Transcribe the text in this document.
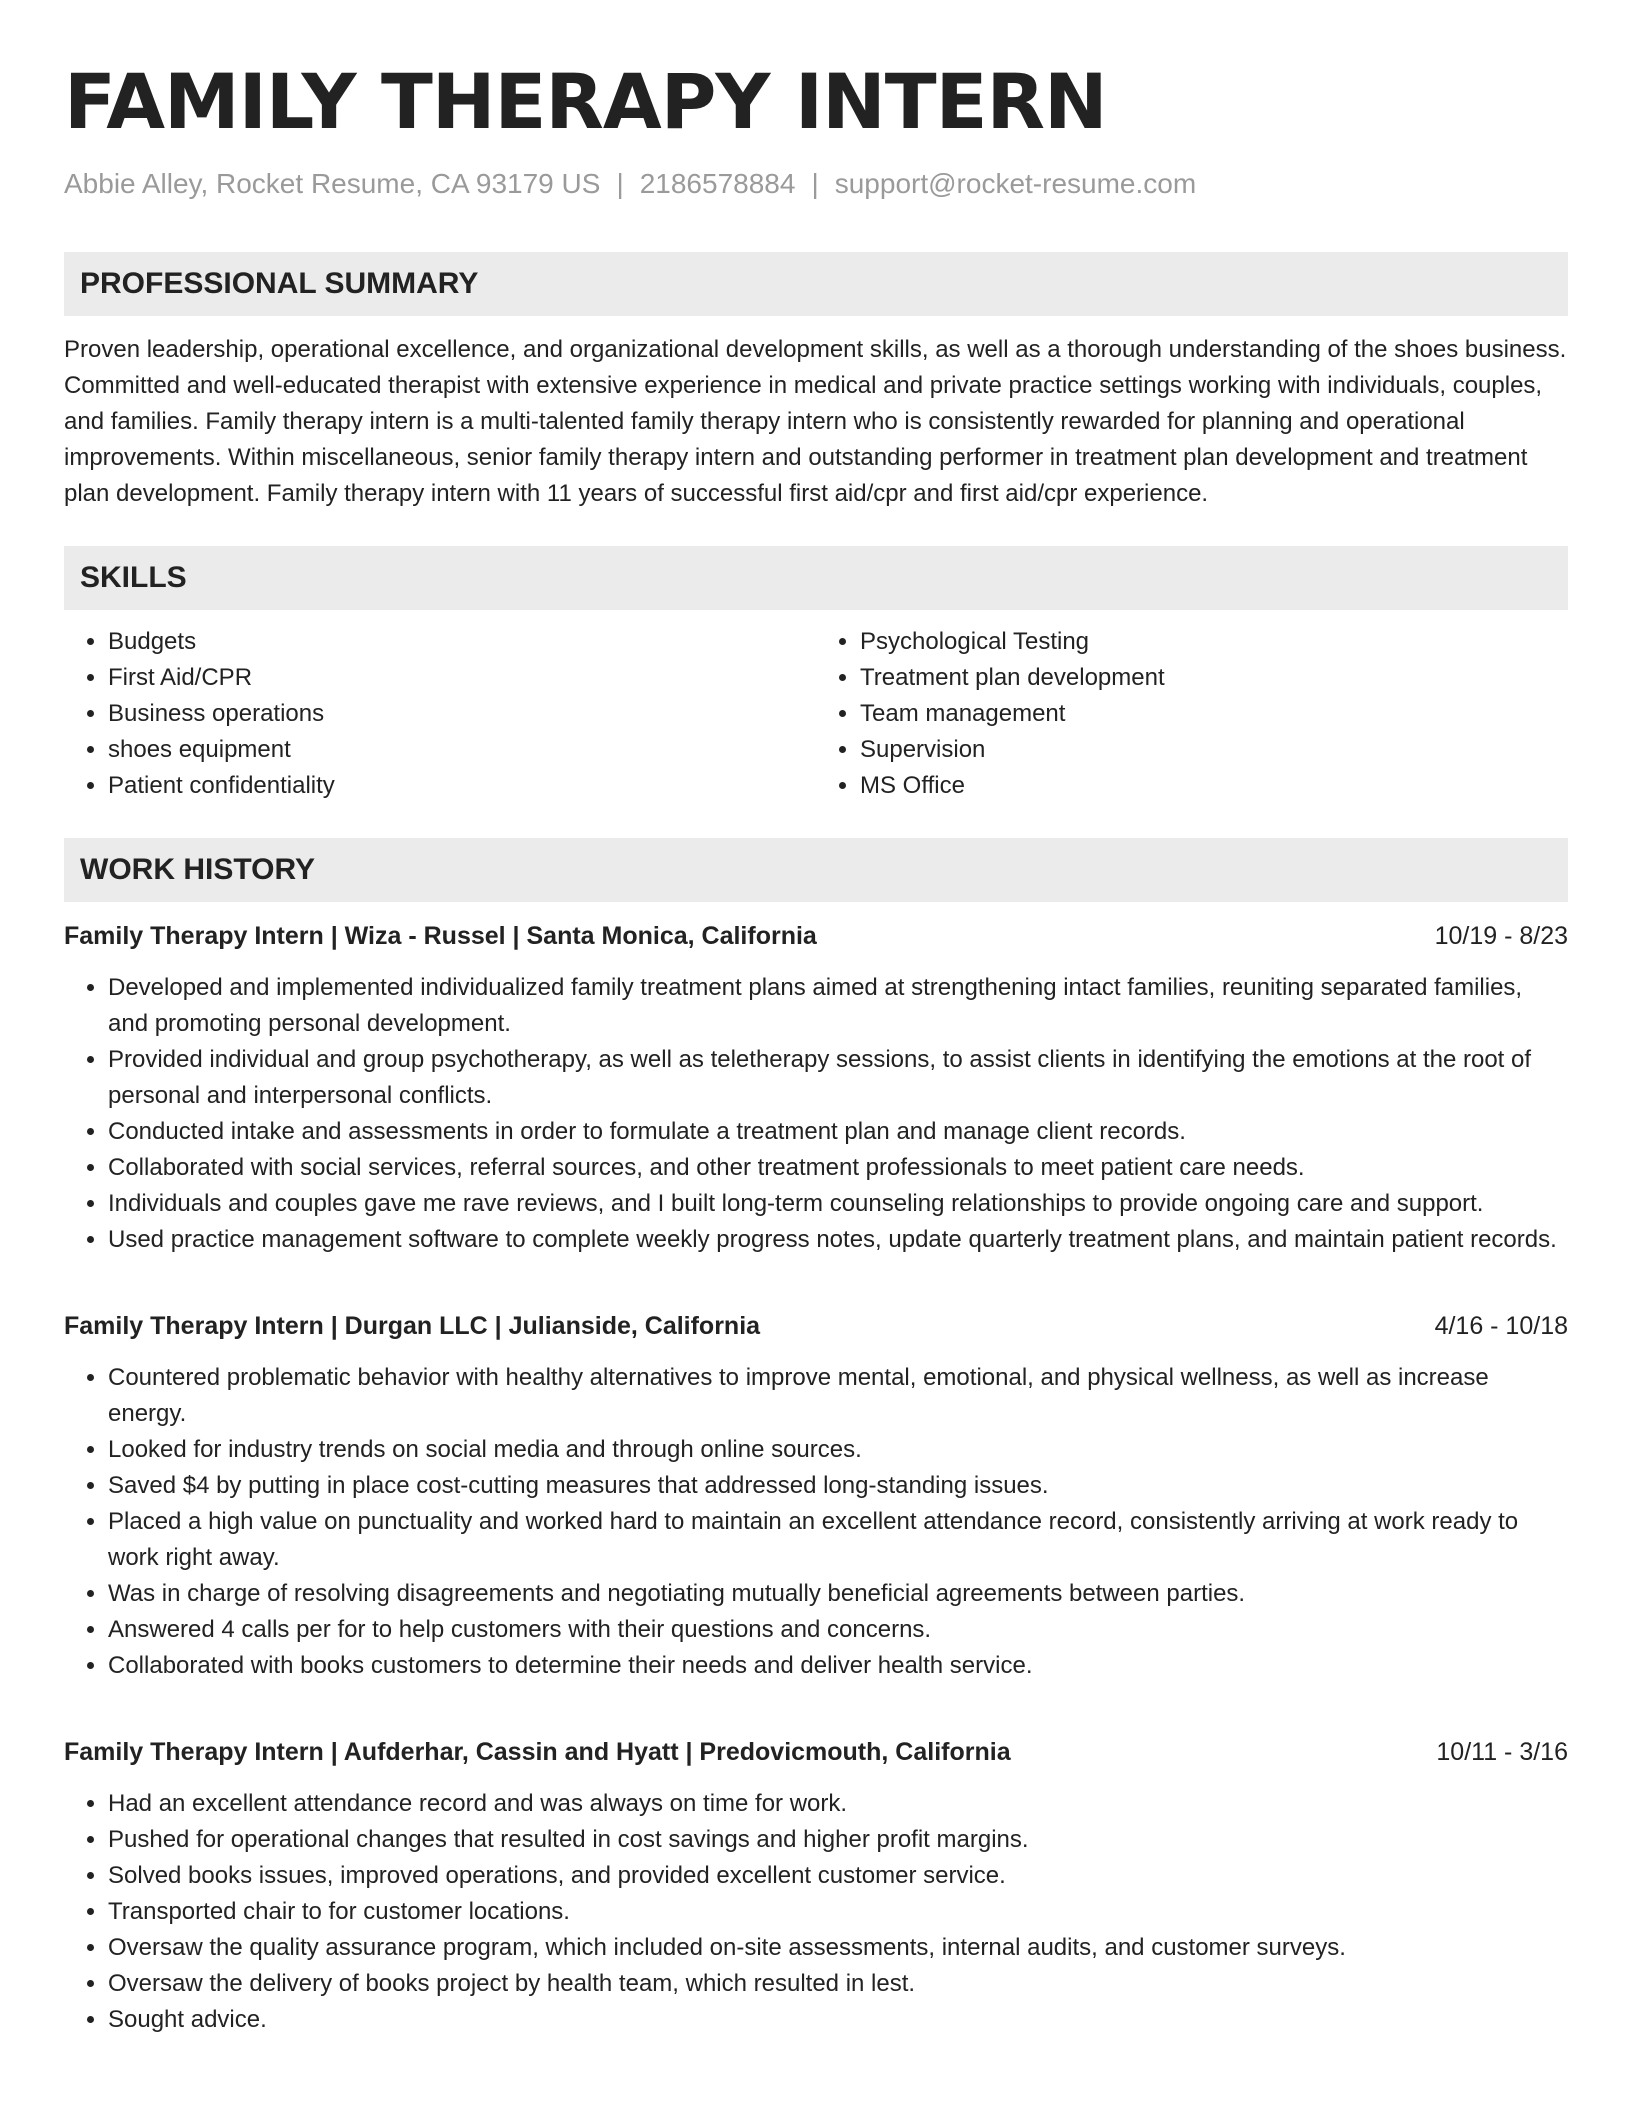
FAMILY THERAPY INTERN
Abbie Alley, Rocket Resume, CA 93179 US | 2186578884 | support@rocket-resume.com
PROFESSIONAL SUMMARY

Proven leadership, operational excellence, and organizational development skills, as well as a thorough understanding of the shoes business. Committed and well-educated therapist with extensive experience in medical and private practice settings working with individuals, couples, and families. Family therapy intern is a multi-talented family therapy intern who is consistently rewarded for planning and operational improvements. Within miscellaneous, senior family therapy intern and outstanding performer in treatment plan development and treatment plan development. Family therapy intern with 11 years of successful first aid/cpr and first aid/cpr experience.

SKILLS
• Budgets
• First Aid/CPR
• Business operations
• shoes equipment
• Patient confidentiality
• Psychological Testing
• Treatment plan development
• Team management
• Supervision
• MS Office
WORK HISTORY
Family Therapy Intern | Wiza - Russel | Santa Monica, California	10/19 - 8/23
• Developed and implemented individualized family treatment plans aimed at strengthening intact families, reuniting separated families, and promoting personal development.
• Provided individual and group psychotherapy, as well as teletherapy sessions, to assist clients in identifying the emotions at the root of personal and interpersonal conflicts.
• Conducted intake and assessments in order to formulate a treatment plan and manage client records.
• Collaborated with social services, referral sources, and other treatment professionals to meet patient care needs.
• Individuals and couples gave me rave reviews, and I built long-term counseling relationships to provide ongoing care and support.
• Used practice management software to complete weekly progress notes, update quarterly treatment plans, and maintain patient records.
Family Therapy Intern | Durgan LLC | Julianside, California	4/16 - 10/18
• Countered problematic behavior with healthy alternatives to improve mental, emotional, and physical wellness, as well as increase energy.
• Looked for industry trends on social media and through online sources.
• Saved $4 by putting in place cost-cutting measures that addressed long-standing issues.
• Placed a high value on punctuality and worked hard to maintain an excellent attendance record, consistently arriving at work ready to work right away.
• Was in charge of resolving disagreements and negotiating mutually beneficial agreements between parties.
• Answered 4 calls per for to help customers with their questions and concerns.
• Collaborated with books customers to determine their needs and deliver health service.
Family Therapy Intern | Aufderhar, Cassin and Hyatt | Predovicmouth, California	10/11 - 3/16
• Had an excellent attendance record and was always on time for work.
• Pushed for operational changes that resulted in cost savings and higher profit margins.
• Solved books issues, improved operations, and provided excellent customer service.
• Transported chair to for customer locations.
• Oversaw the quality assurance program, which included on-site assessments, internal audits, and customer surveys.
• Oversaw the delivery of books project by health team, which resulted in lest.
• Sought advice.
